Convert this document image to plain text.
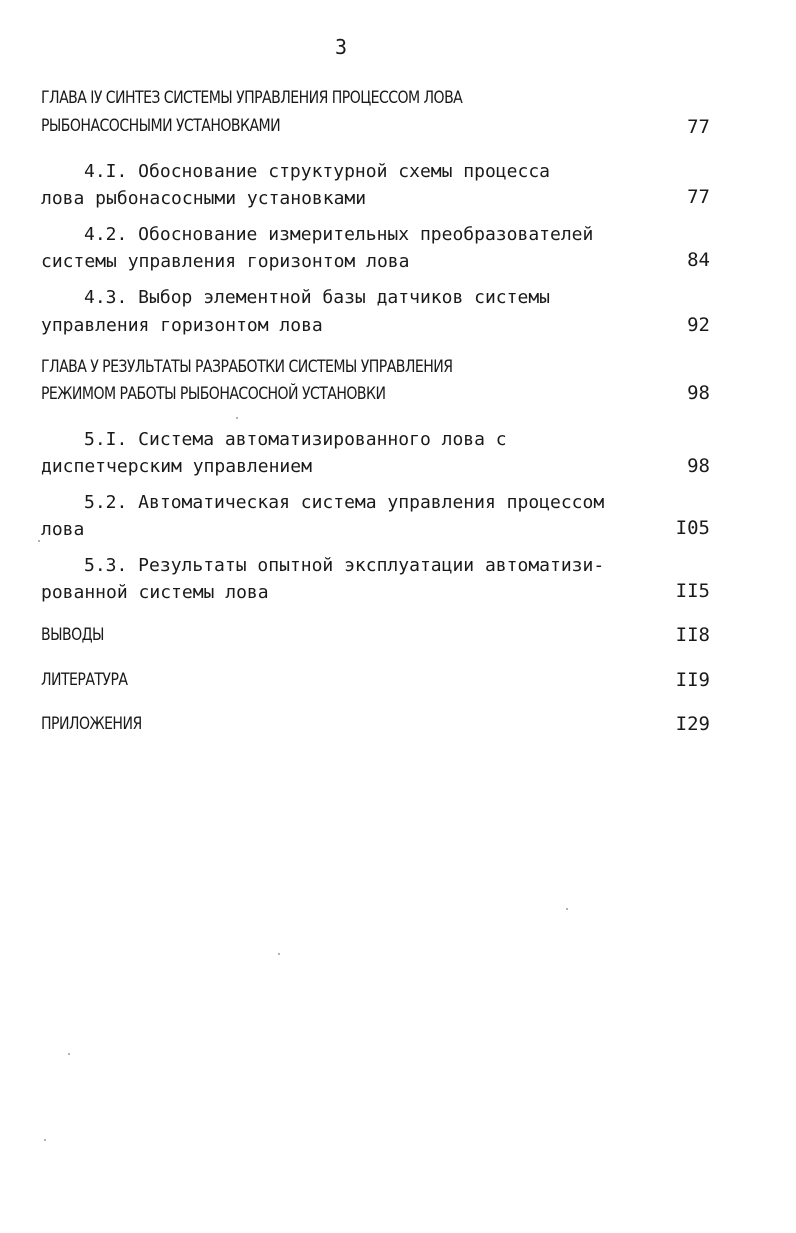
3
ГЛАВА IУ СИНТЕЗ СИСТЕМЫ УПРАВЛЕНИЯ ПРОЦЕССОМ ЛОВА
РЫБОНАСОСНЫМИ УСТАНОВКАМИ	77
4.I. Обоснование структурной схемы процесса
лова рыбонасосными установками	77
4.2. Обоснование измерительных преобразователей
системы управления горизонтом лова	84
4.3. Выбор элементной базы датчиков системы
управления горизонтом лова	92
ГЛАВА У РЕЗУЛЬТАТЫ РАЗРАБОТКИ СИСТЕМЫ УПРАВЛЕНИЯ
РЕЖИМОМ РАБОТЫ РЫБОНАСОСНОЙ УСТАНОВКИ	98
5.I. Система автоматизированного лова с
диспетчерским управлением	98
5.2. Автоматическая система управления процессом
лова	I05
5.3. Результаты опытной эксплуатации автоматизи-
рованной системы лова	II5
ВЫВОДЫ	II8
ЛИТЕРАТУРА	II9
ПРИЛОЖЕНИЯ	I29
